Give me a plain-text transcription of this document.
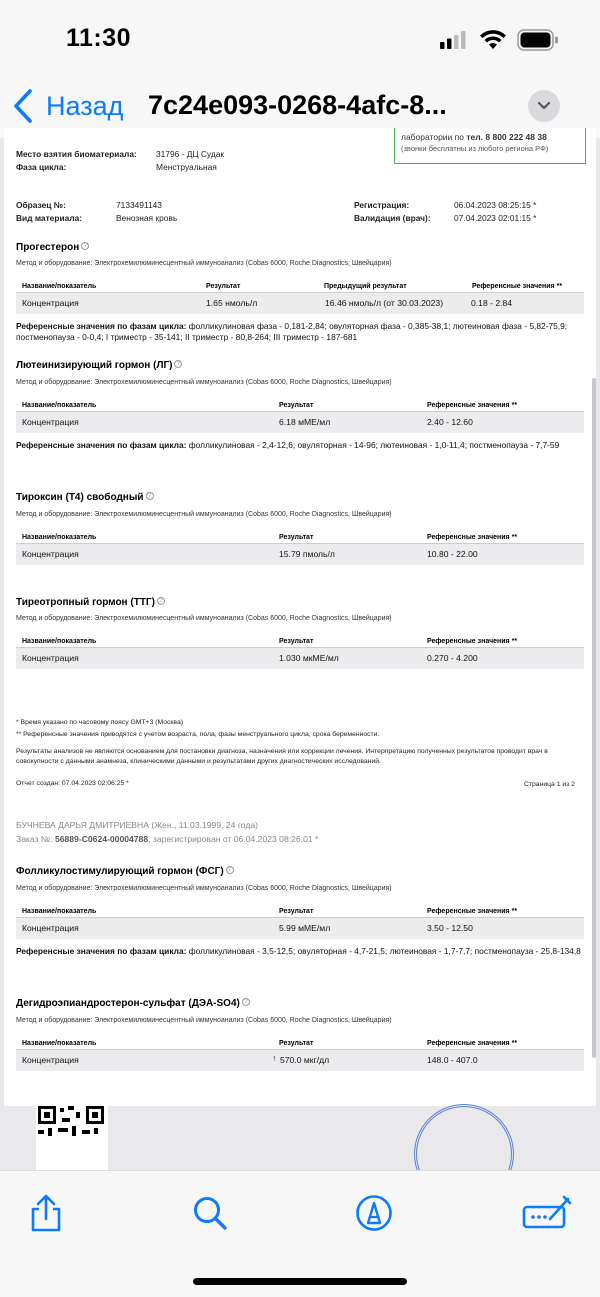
11:30
Назад 7c24e093-0268-4afc-8...
лаборатории по тел. 8 800 222 48 38
(звонки бесплатны из любого региона РФ)
Место взятия биоматериала: 31796 - ДЦ Судак
Фаза цикла:	Менструальная
Образец №:	7133491143
Вид материала:	Венозная кровь
Регистрация:	06.04.2023 08:25:15 *
Валидация (врач):	07.04.2023 02:01:15 *
Прогестерон ?
Метод и оборудование: Электрохемилюминесцентный иммуноанализ (Cobas 6000, Roche Diagnostics, Швейцария)
Название/показатель	Результат	Предыдущий результат	Референсные значения **
Концентрация	1.65 нмоль/л	16.46 нмоль/л (от 30.03.2023)	0.18 - 2.84
Референсные значения по фазам цикла: фолликулиновая фаза - 0,181-2,84; овуляторная фаза - 0,385-38,1; лютеиновая фаза - 5,82-75,9; постменопауза - 0-0,4; I триместр - 35-141; II триместр - 80,8-264; III триместр - 187-681
Лютеинизирующий гормон (ЛГ) ?
Метод и оборудование: Электрохемилюминесцентный иммуноанализ (Cobas 6000, Roche Diagnostics, Швейцария)
Название/показатель	Результат	Референсные значения **
Концентрация	6.18 мМЕ/мл	2.40 - 12.60
Референсные значения по фазам цикла: фолликулиновая - 2,4-12,6; овуляторная - 14-96; лютеиновая - 1,0-11,4; постменопауза - 7,7-59
Тироксин (Т4) свободный ?
Метод и оборудование: Электрохемилюминесцентный иммуноанализ (Cobas 6000, Roche Diagnostics, Швейцария)
Название/показатель	Результат	Референсные значения **
Концентрация	15.79 пмоль/л	10.80 - 22.00
Тиреотропный гормон (ТТГ) ?
Метод и оборудование: Электрохемилюминесцентный иммуноанализ (Cobas 6000, Roche Diagnostics, Швейцария)
Название/показатель	Результат	Референсные значения **
Концентрация	1.030 мкМЕ/мл	0.270 - 4.200
* Время указано по часовому поясу GMT+3 (Москва)
** Референсные значения приводятся с учетом возраста, пола, фазы менструального цикла, срока беременности.
Результаты анализов не являются основанием для постановки диагноза, назначения или коррекции лечения. Интерпретацию полученных результатов проводит врач в совокупности с данными анамнеза, клиническими данными и результатами других диагностических исследований.
Отчет создан: 07.04.2023 02:06:25 *	Страница 1 из 2
БУЧНЕВА ДАРЬЯ ДМИТРИЕВНА (Жен., 11.03.1999, 24 года)
Заказ №: 56889-C0624-00004788, зарегистрирован от 06.04.2023 08:26:01 *
Фолликулостимулирующий гормон (ФСГ) ?
Метод и оборудование: Электрохемилюминесцентный иммуноанализ (Cobas 6000, Roche Diagnostics, Швейцария)
Название/показатель	Результат	Референсные значения **
Концентрация	5.99 мМЕ/мл	3.50 - 12.50
Референсные значения по фазам цикла: фолликулиновая - 3,5-12,5; овуляторная - 4,7-21,5; лютеиновая - 1,7-7,7; постменопауза - 25,8-134,8
Дегидроэпиандростерон-сульфат (ДЭА-SO4) ?
Метод и оборудование: Электрохемилюминесцентный иммуноанализ (Cobas 6000, Roche Diagnostics, Швейцария)
Название/показатель	Результат	Референсные значения **
Концентрация	↑ 570.0 мкг/дл	148.0 - 407.0
